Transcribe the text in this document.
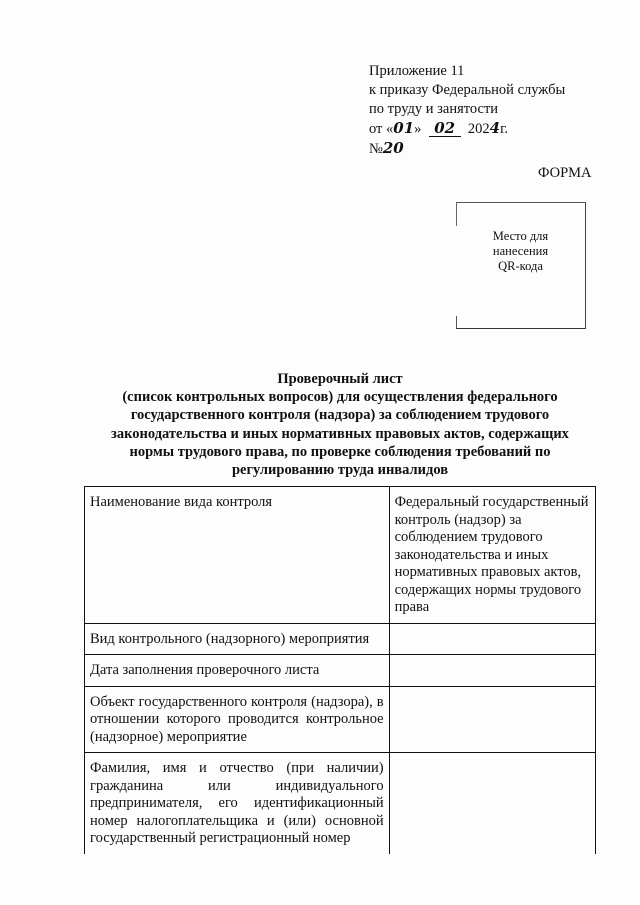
Приложение 11
к приказу Федеральной службы
по труду и занятости
от «01» 02 2024г.
№20
ФОРМА
Место для
нанесения
QR-кода
Проверочный лист
(список контрольных вопросов) для осуществления федерального
государственного контроля (надзора) за соблюдением трудового
законодательства и иных нормативных правовых актов, содержащих
нормы трудового права, по проверке соблюдения требований по
регулированию труда инвалидов
Наименование вида контроля	Федеральный государственный контроль (надзор) за соблюдением трудового законодательства и иных нормативных правовых актов, содержащих нормы трудового права
Вид контрольного (надзорного) мероприятия	
Дата заполнения проверочного листа	
Объект государственного контроля (надзора), в отношении которого проводится контрольное (надзорное) мероприятие	
Фамилия, имя и отчество (при наличии) гражданина или индивидуального предпринимателя, его идентификационный номер налогоплательщика и (или) основной государственный регистрационный номер	
